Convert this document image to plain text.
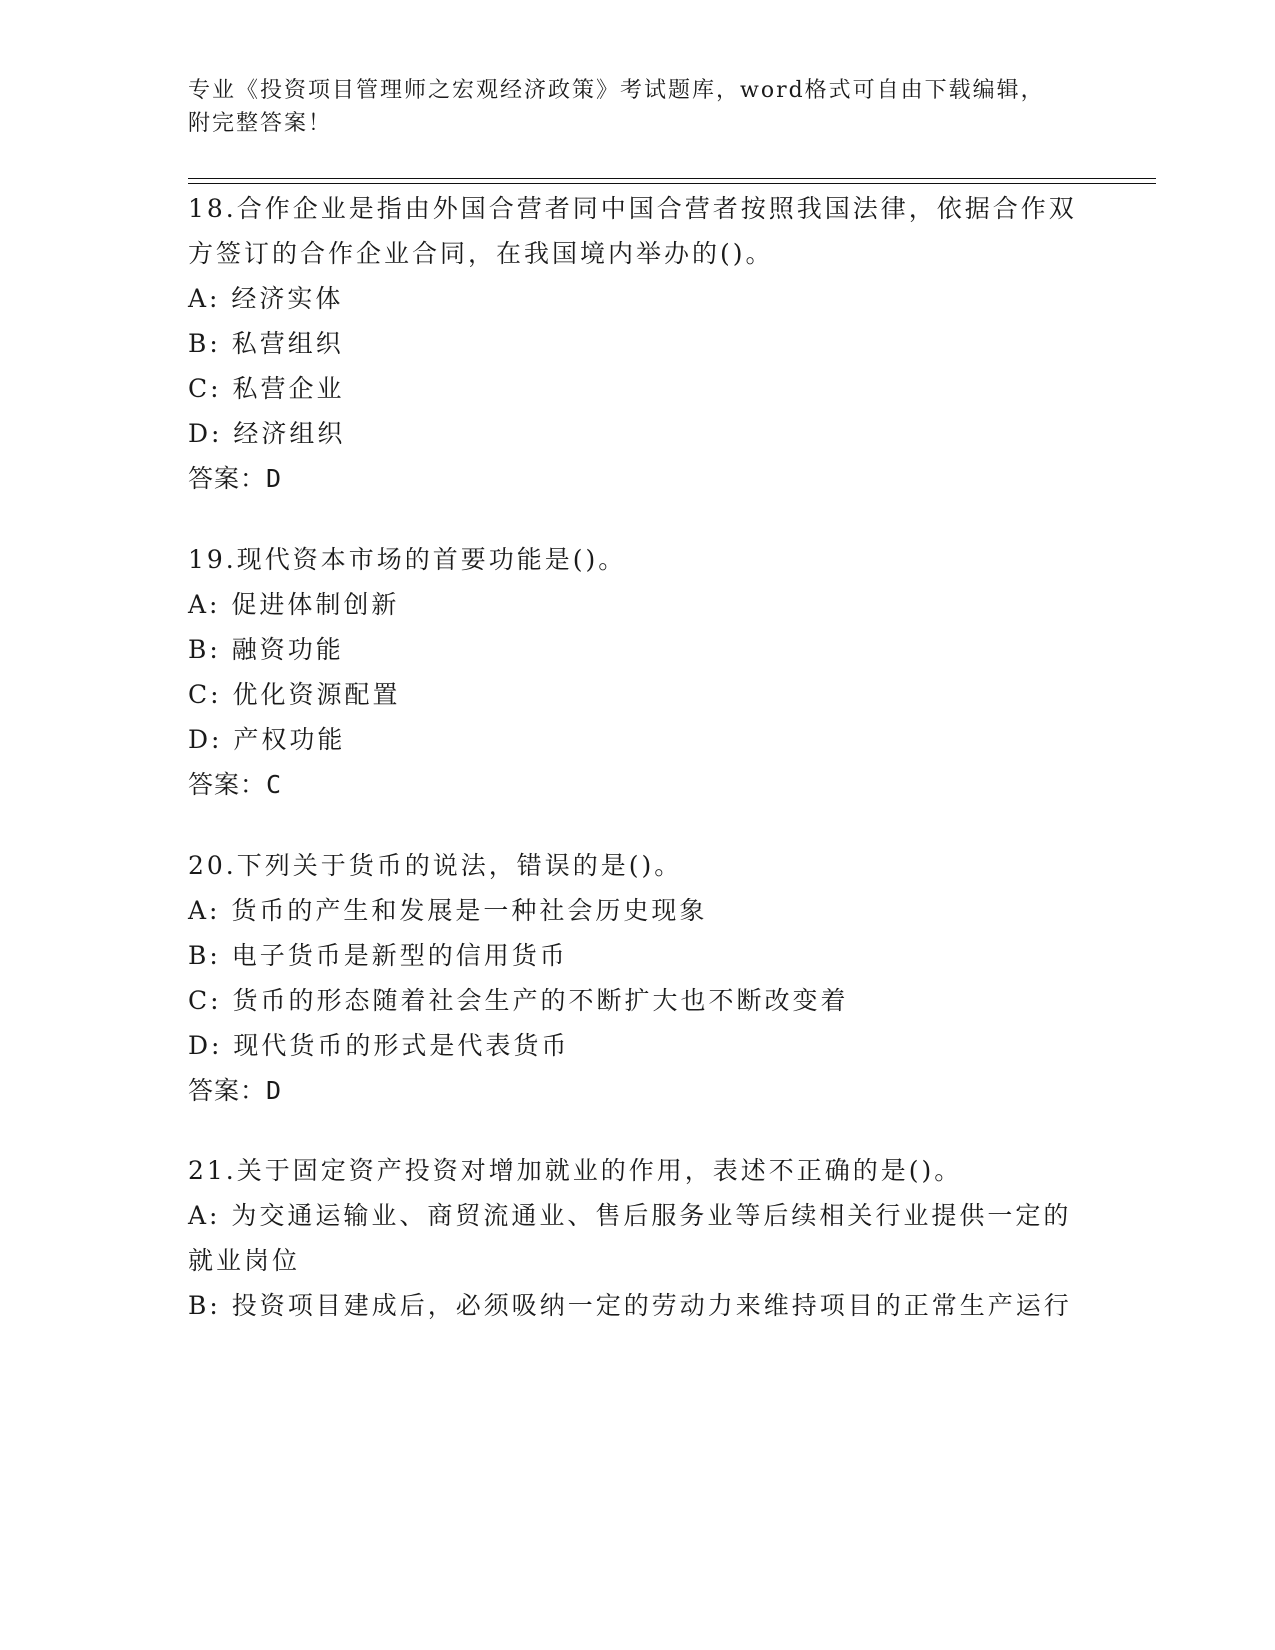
专业《投资项目管理师之宏观经济政策》考试题库，word格式可自由下载编辑，
附完整答案！
18.合作企业是指由外国合营者同中国合营者按照我国法律，依据合作双方签订的合作企业合同，在我国境内举办的()。
A: 经济实体
B: 私营组织
C: 私营企业
D: 经济组织
答案：D
19.现代资本市场的首要功能是()。
A: 促进体制创新
B: 融资功能
C: 优化资源配置
D: 产权功能
答案：C
20.下列关于货币的说法，错误的是()。
A: 货币的产生和发展是一种社会历史现象
B: 电子货币是新型的信用货币
C: 货币的形态随着社会生产的不断扩大也不断改变着
D: 现代货币的形式是代表货币
答案：D
21.关于固定资产投资对增加就业的作用，表述不正确的是()。
A: 为交通运输业、商贸流通业、售后服务业等后续相关行业提供一定的就业岗位
B: 投资项目建成后，必须吸纳一定的劳动力来维持项目的正常生产运行
